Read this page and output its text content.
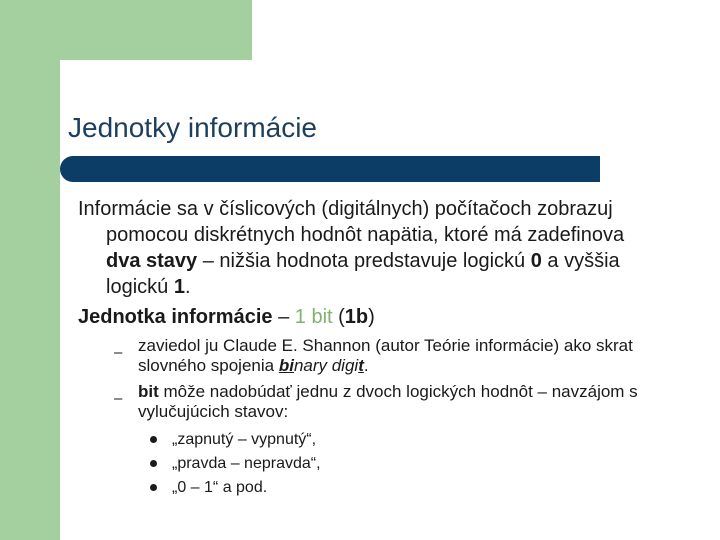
Jednotky informácie
Informácie sa v číslicových (digitálnych) počítačoch zobrazuj
pomocou diskrétnych hodnôt napätia, ktoré má zadefinova
dva stavy – nižšia hodnota predstavuje logickú 0 a vyššia
logickú 1.
Jednotka informácie – 1 bit (1b)
– zaviedol ju Claude E. Shannon (autor Teórie informácie) ako skrat
slovného spojenia binary digit.
– bit môže nadobúdať jednu z dvoch logických hodnôt – navzájom s
vylučujúcich stavov:
„zapnutý – vypnutý“,
„pravda – nepravda“,
„0 – 1“ a pod.
